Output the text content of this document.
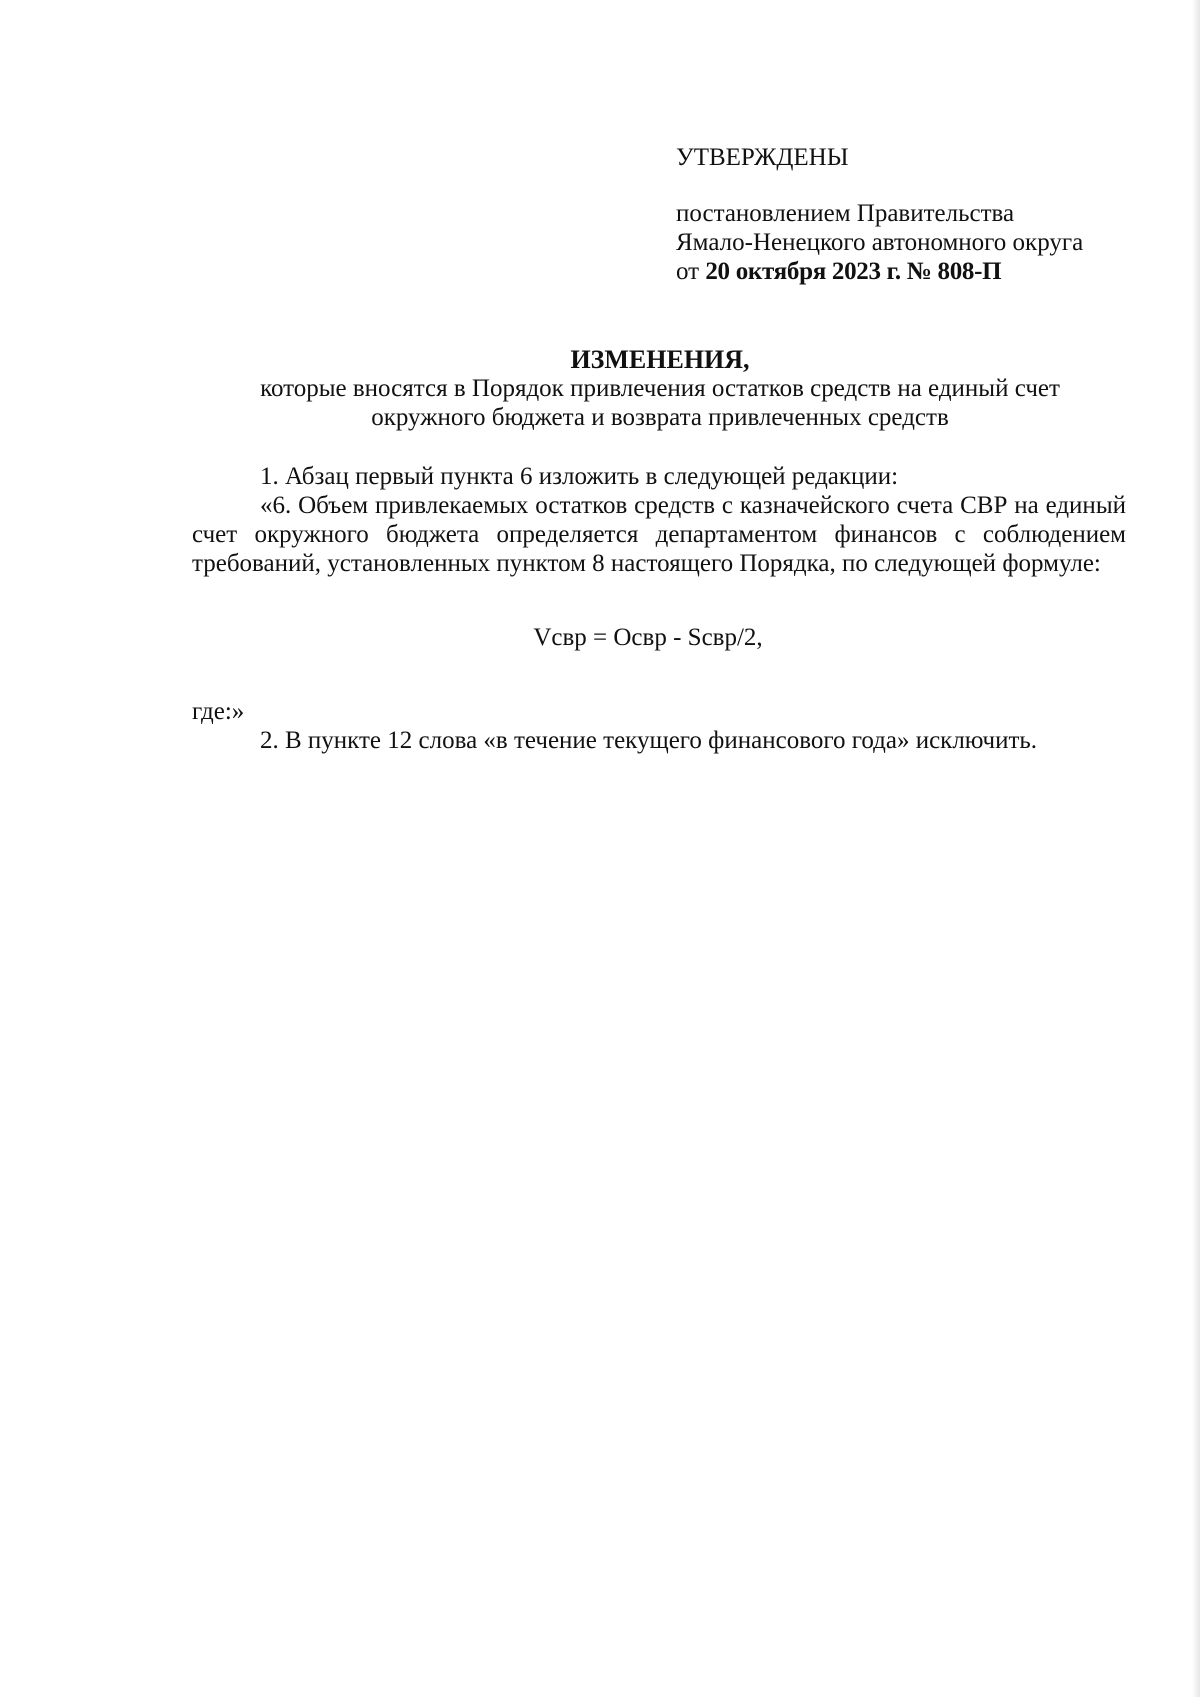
УТВЕРЖДЕНЫ

постановлением Правительства

Ямало-Ненецкого автономного округа

от 20 октября 2023 г. № 808-П

ИЗМЕНЕНИЯ,

которые вносятся в Порядок привлечения остатков средств на единый счет

окружного бюджета и возврата привлеченных средств

1. Абзац первый пункта 6 изложить в следующей редакции:

«6. Объем привлекаемых остатков средств с казначейского счета СВР на единый счет окружного бюджета определяется департаментом финансов с соблюдением требований, установленных пунктом 8 настоящего Порядка, по следующей формуле:

Vсвр = Oсвр - Sсвр/2,

где:»

2. В пункте 12 слова «в течение текущего финансового года» исключить.
